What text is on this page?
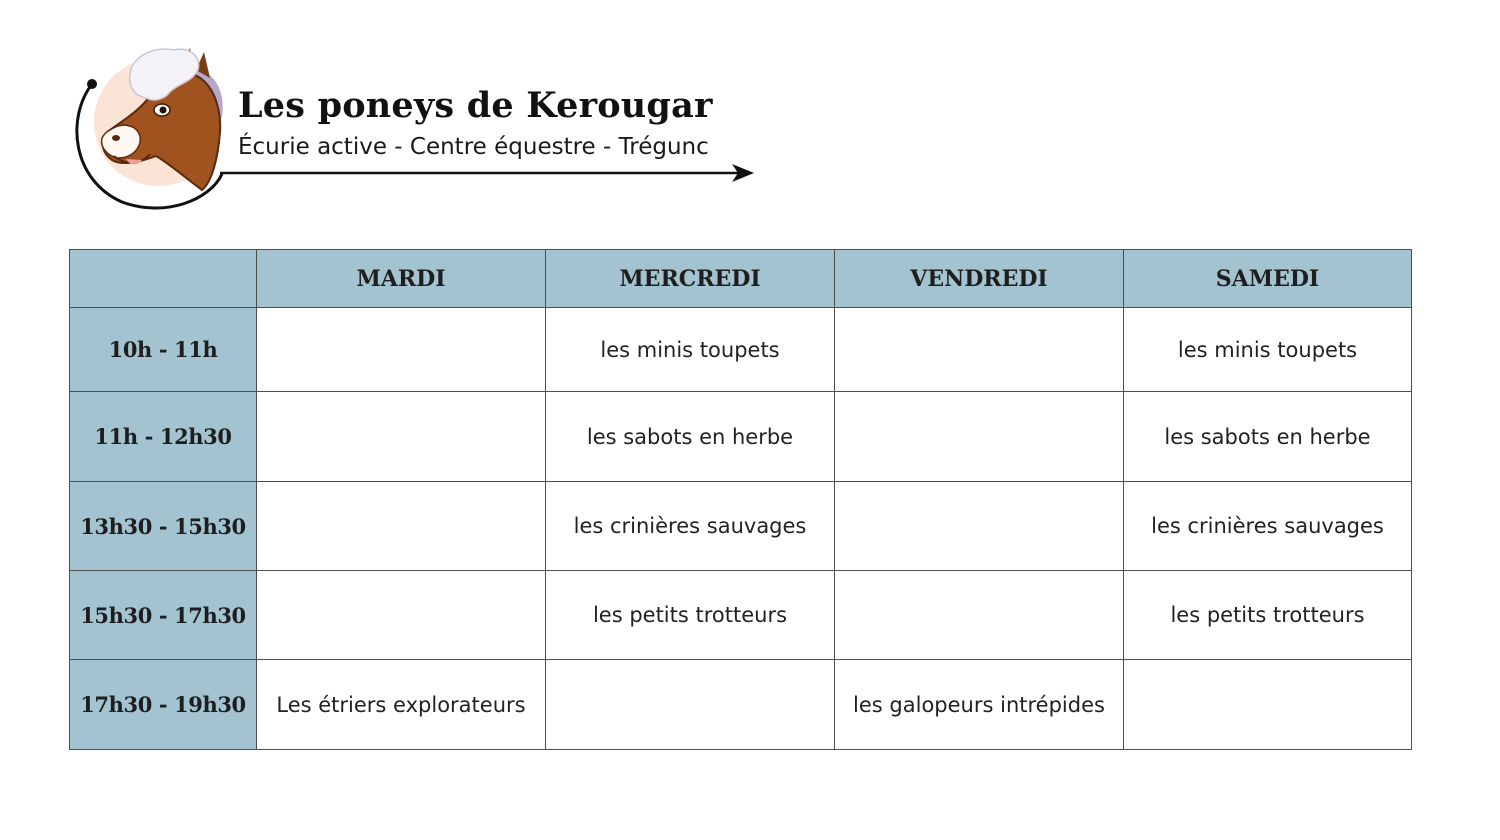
Les poneys de Kerougar

Écurie active - Centre équestre - Trégunc

	MARDI	MERCREDI	VENDREDI	SAMEDI
10h - 11h		les minis toupets		les minis toupets
11h - 12h30		les sabots en herbe		les sabots en herbe
13h30 - 15h30		les crinières sauvages		les crinières sauvages
15h30 - 17h30		les petits trotteurs		les petits trotteurs
17h30 - 19h30	Les étriers explorateurs		les galopeurs intrépides	
